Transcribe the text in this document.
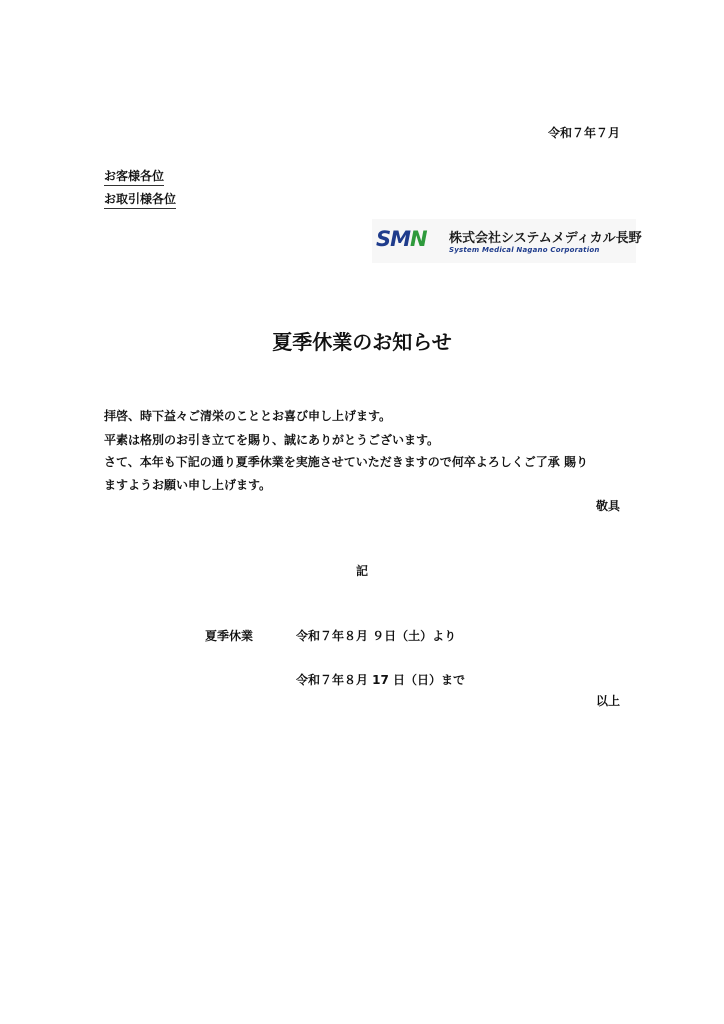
令和７年７月
お客様各位
お取引様各位
SMN 株式会社システムメディカル長野
System Medical Nagano Corporation
夏季休業のお知らせ
拝啓、時下益々ご清栄のこととお喜び申し上げます。
平素は格別のお引き立てを賜り、誠にありがとうございます。
さて、本年も下記の通り夏季休業を実施させていただきますので何卒よろしくご了承 賜り
ますようお願い申し上げます。
敬具
記
夏季休業	令和７年８月 ９日（土）より
令和７年８月 17 日（日）まで
以上
